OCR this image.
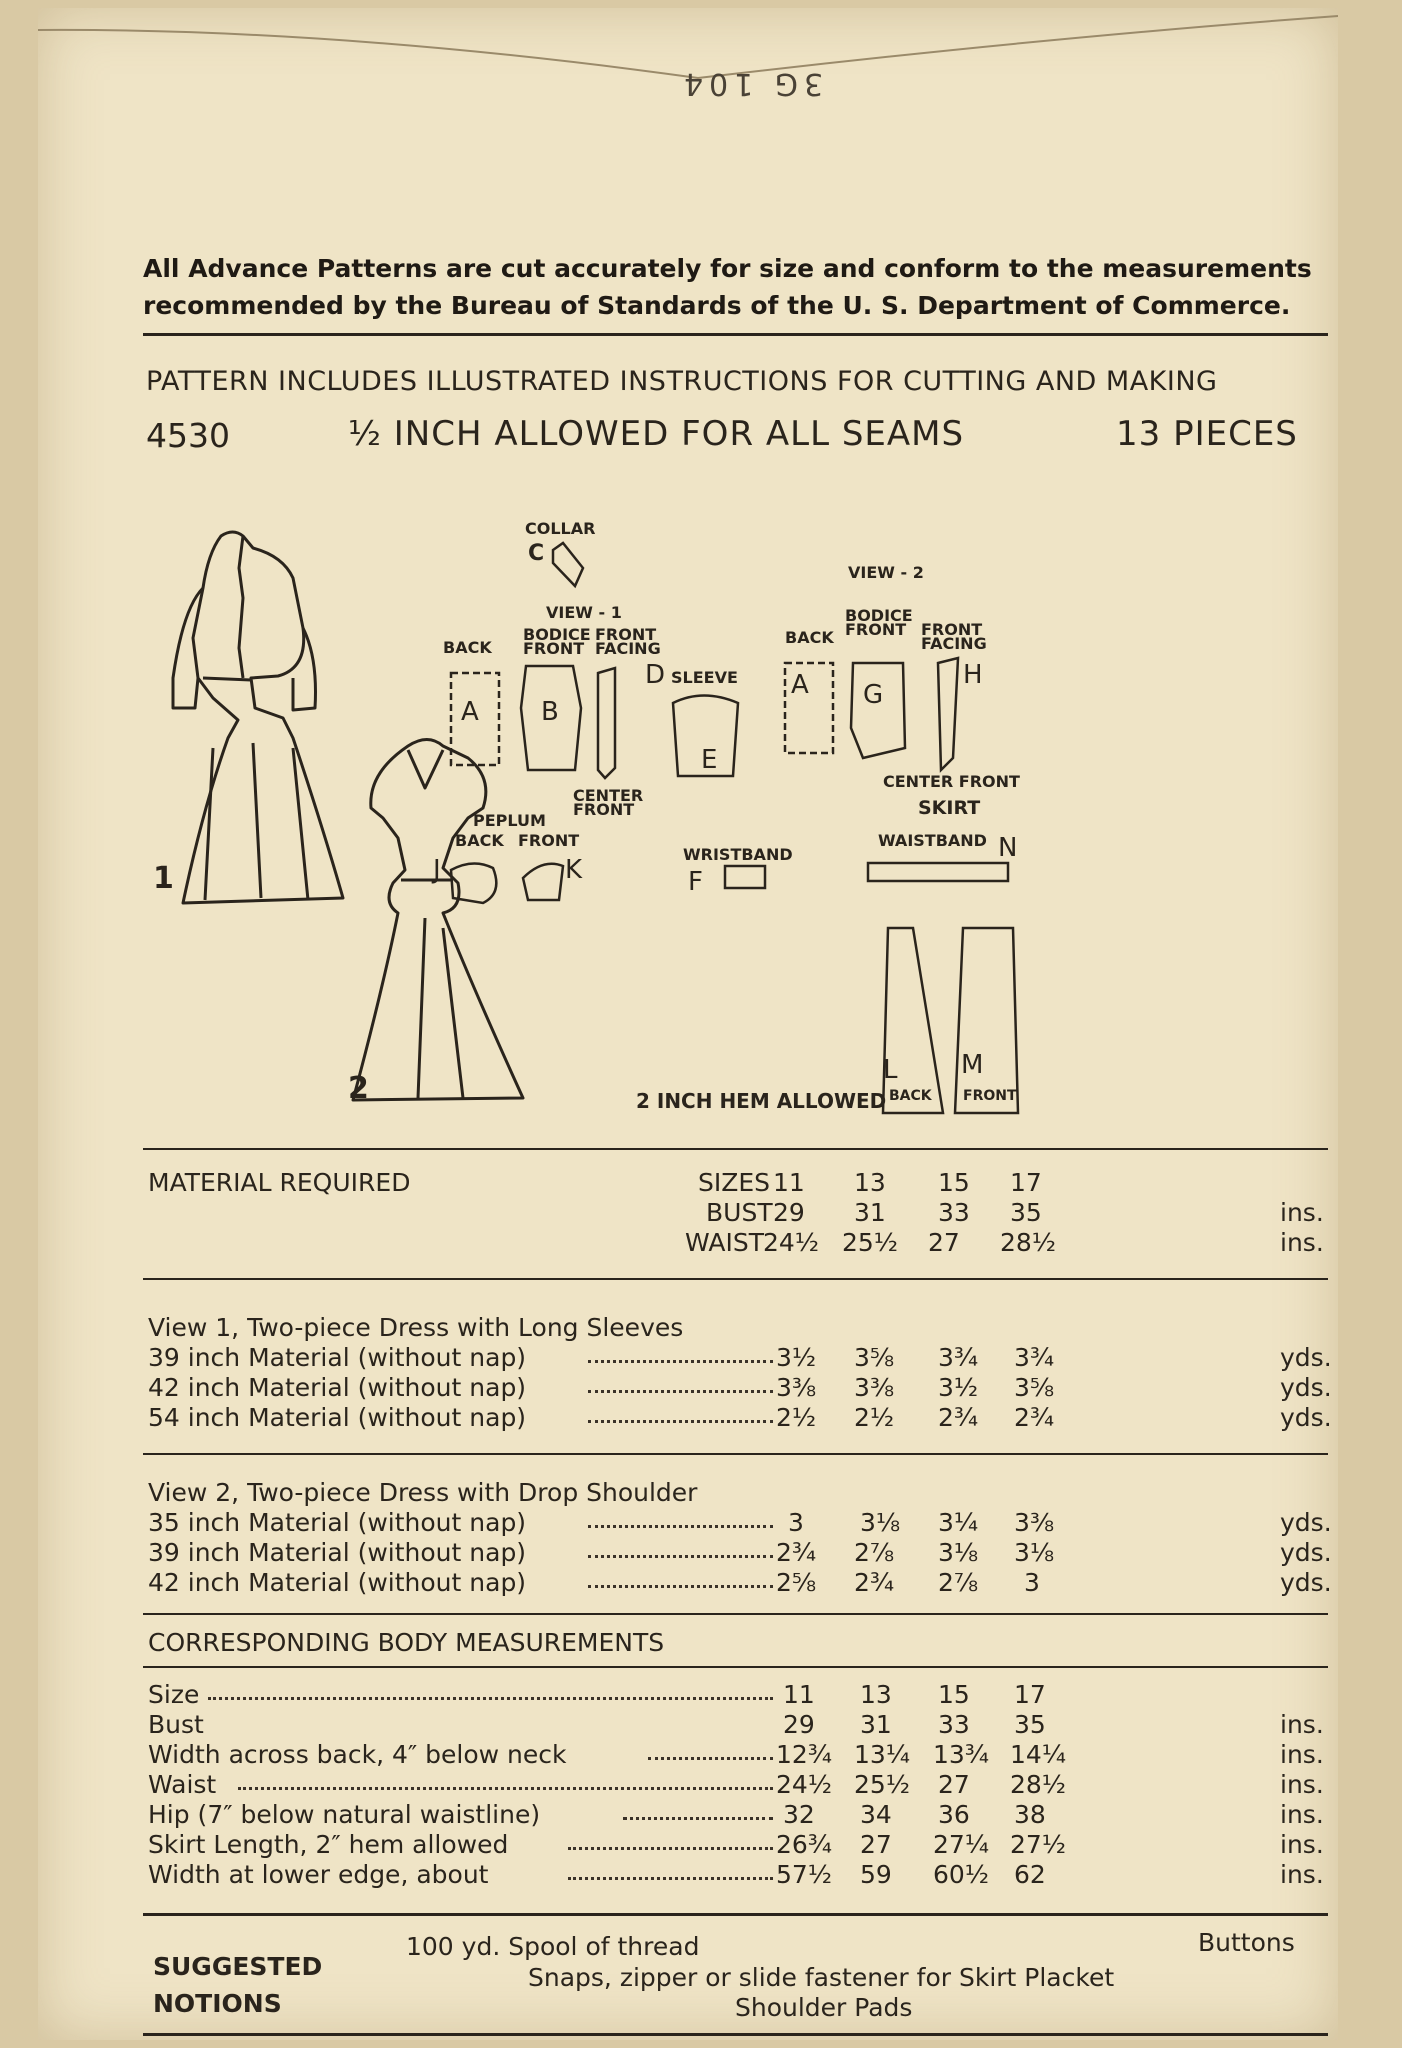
3G 104
All Advance Patterns are cut accurately for size and conform to the measurements
recommended by the Bureau of Standards of the U. S. Department of Commerce.
PATTERN INCLUDES ILLUSTRATED INSTRUCTIONS FOR CUTTING AND MAKING
4530	½ INCH ALLOWED FOR ALL SEAMS	13 PIECES
1
2
COLLAR
C
VIEW - 1
VIEW - 2
BACK
BODICE
FRONT
FRONT
FACING
SLEEVE
BACK
BODICE
FRONT FRONT
FACING
CENTER
FRONT
CENTER FRONT
SKIRT
PEPLUM
BACK FRONT
WRISTBAND
WAISTBAND
2 INCH HEM ALLOWED BACK FRONT
A
A
B
D
E
F
G
H
J	K
L M
N
MATERIAL REQUIRED	SIZES 11 13 15 17
BUST 29 31 33 35	ins.
WAIST 24½ 25½ 27 28½	ins.
View 1, Two-piece Dress with Long Sleeves
39 inch Material (without nap)	3½ 3⅝ 3¾ 3¾	yds.
42 inch Material (without nap)	3⅜ 3⅜ 3½ 3⅝	yds.
54 inch Material (without nap)	2½ 2½ 2¾ 2¾	yds.
View 2, Two-piece Dress with Drop Shoulder
35 inch Material (without nap)	3 3⅛ 3¼ 3⅜	yds.
39 inch Material (without nap)	2¾ 2⅞ 3⅛ 3⅛	yds.
42 inch Material (without nap)	2⅝ 2¾ 2⅞ 3	yds.
CORRESPONDING BODY MEASUREMENTS
Size	11 13 15 17
Bust	29 31 33 35	ins.
Width across back, 4″ below neck	12¾ 13¼ 13¾ 14¼	ins.
Waist	24½ 25½ 27 28½	ins.
Hip (7″ below natural waistline)	32 34 36 38	ins.
Skirt Length, 2″ hem allowed	26¾ 27 27¼ 27½	ins.
Width at lower edge, about	57½ 59 60½ 62	ins.
SUGGESTED
NOTIONS
100 yd. Spool of thread	Buttons
Snaps, zipper or slide fastener for Skirt Placket
Shoulder Pads
